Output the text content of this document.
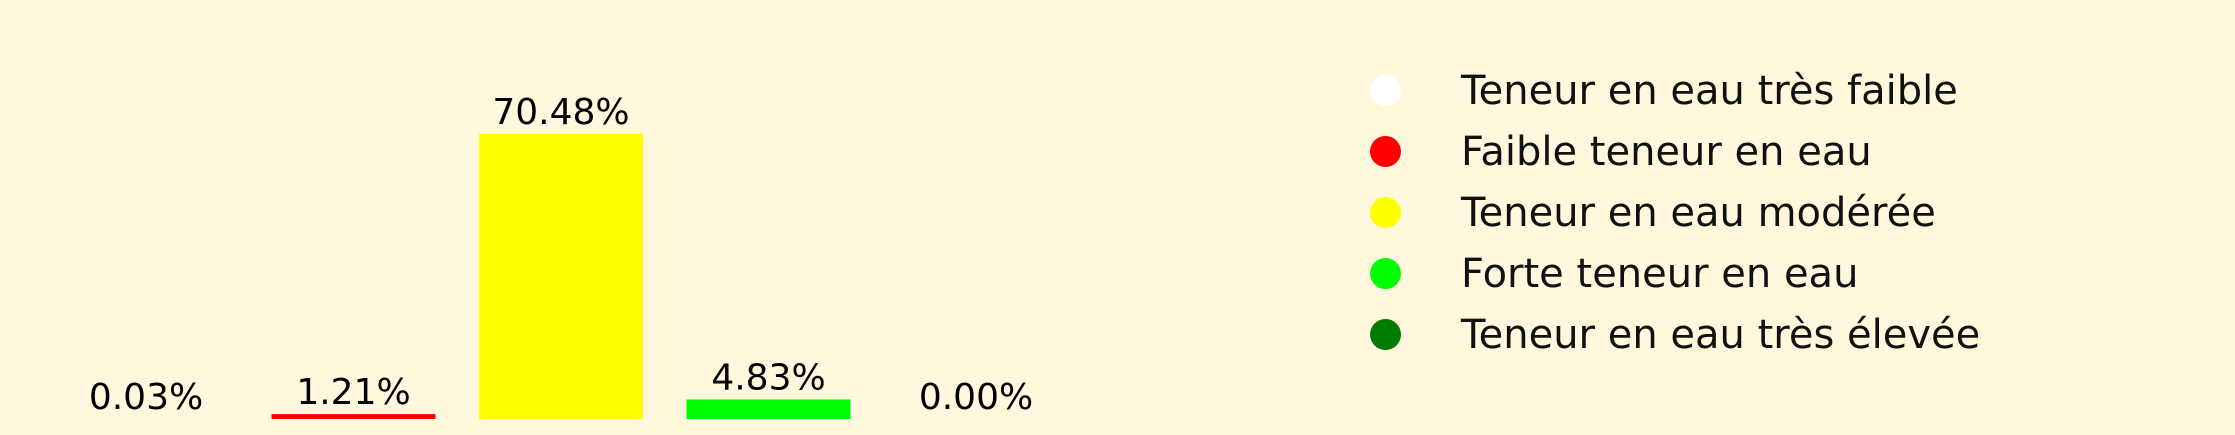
0.03%	1.21%
70.48%
4.83%	0.00%
Teneur en eau très faible
Faible teneur en eau
Teneur en eau modérée
Forte teneur en eau
Teneur en eau très élevée
